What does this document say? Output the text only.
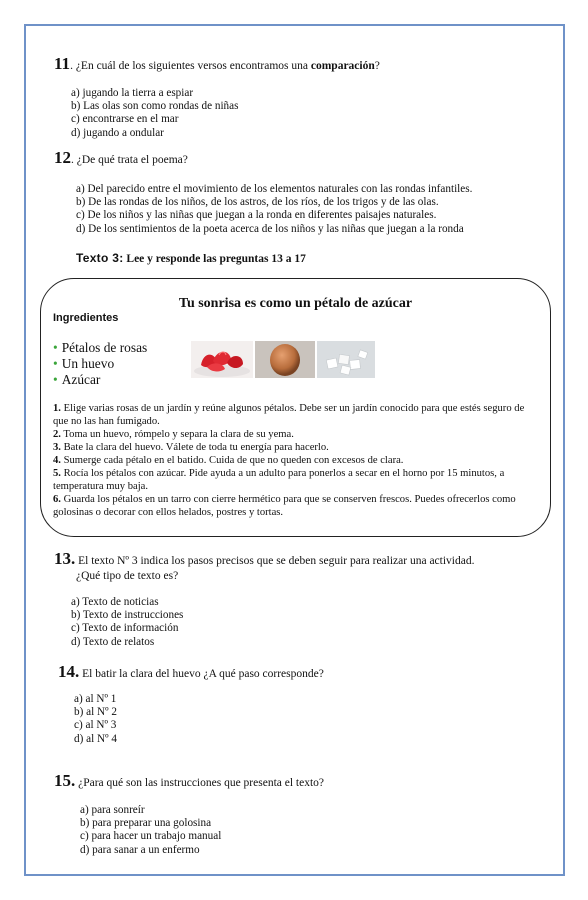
11. ¿En cuál de los siguientes versos encontramos una comparación?
a) jugando la tierra a espiar
b) Las olas son como rondas de niñas
c) encontrarse en el mar
d) jugando a ondular
12. ¿De qué trata el poema?
a) Del parecido entre el movimiento de los elementos naturales con las rondas infantiles.
b) De las rondas de los niños, de los astros, de los ríos, de los trigos y de las olas.
c) De los niños y las niñas que juegan a la ronda en diferentes paisajes naturales.
d) De los sentimientos de la poeta acerca de los niños y las niñas que juegan a la ronda
Texto 3: Lee y responde las preguntas 13 a 17
Tu sonrisa es como un pétalo de azúcar
Ingredientes
• Pétalos de rosas
• Un huevo
• Azúcar

1. Elige varias rosas de un jardín y reúne algunos pétalos. Debe ser un jardín conocido para que estés seguro de que no las han fumigado.

2. Toma un huevo, rómpelo y separa la clara de su yema.

3. Bate la clara del huevo. Válete de toda tu energía para hacerlo.

4. Sumerge cada pétalo en el batido. Cuida de que no queden con excesos de clara.

5. Rocía los pétalos con azúcar. Pide ayuda a un adulto para ponerlos a secar en el horno por 15 minutos, a temperatura muy baja.

6. Guarda los pétalos en un tarro con cierre hermético para que se conserven frescos. Puedes ofrecerlos como golosinas o decorar con ellos helados, postres y tortas.

13. El texto Nº 3 indica los pasos precisos que se deben seguir para realizar una actividad.
¿Qué tipo de texto es?
a) Texto de noticias
b) Texto de instrucciones
c) Texto de información
d) Texto de relatos
14. El batir la clara del huevo ¿A qué paso corresponde?
a) al Nº 1
b) al Nº 2
c) al Nº 3
d) al Nº 4
15. ¿Para qué son las instrucciones que presenta el texto?
a) para sonreír
b) para preparar una golosina
c) para hacer un trabajo manual
d) para sanar a un enfermo
